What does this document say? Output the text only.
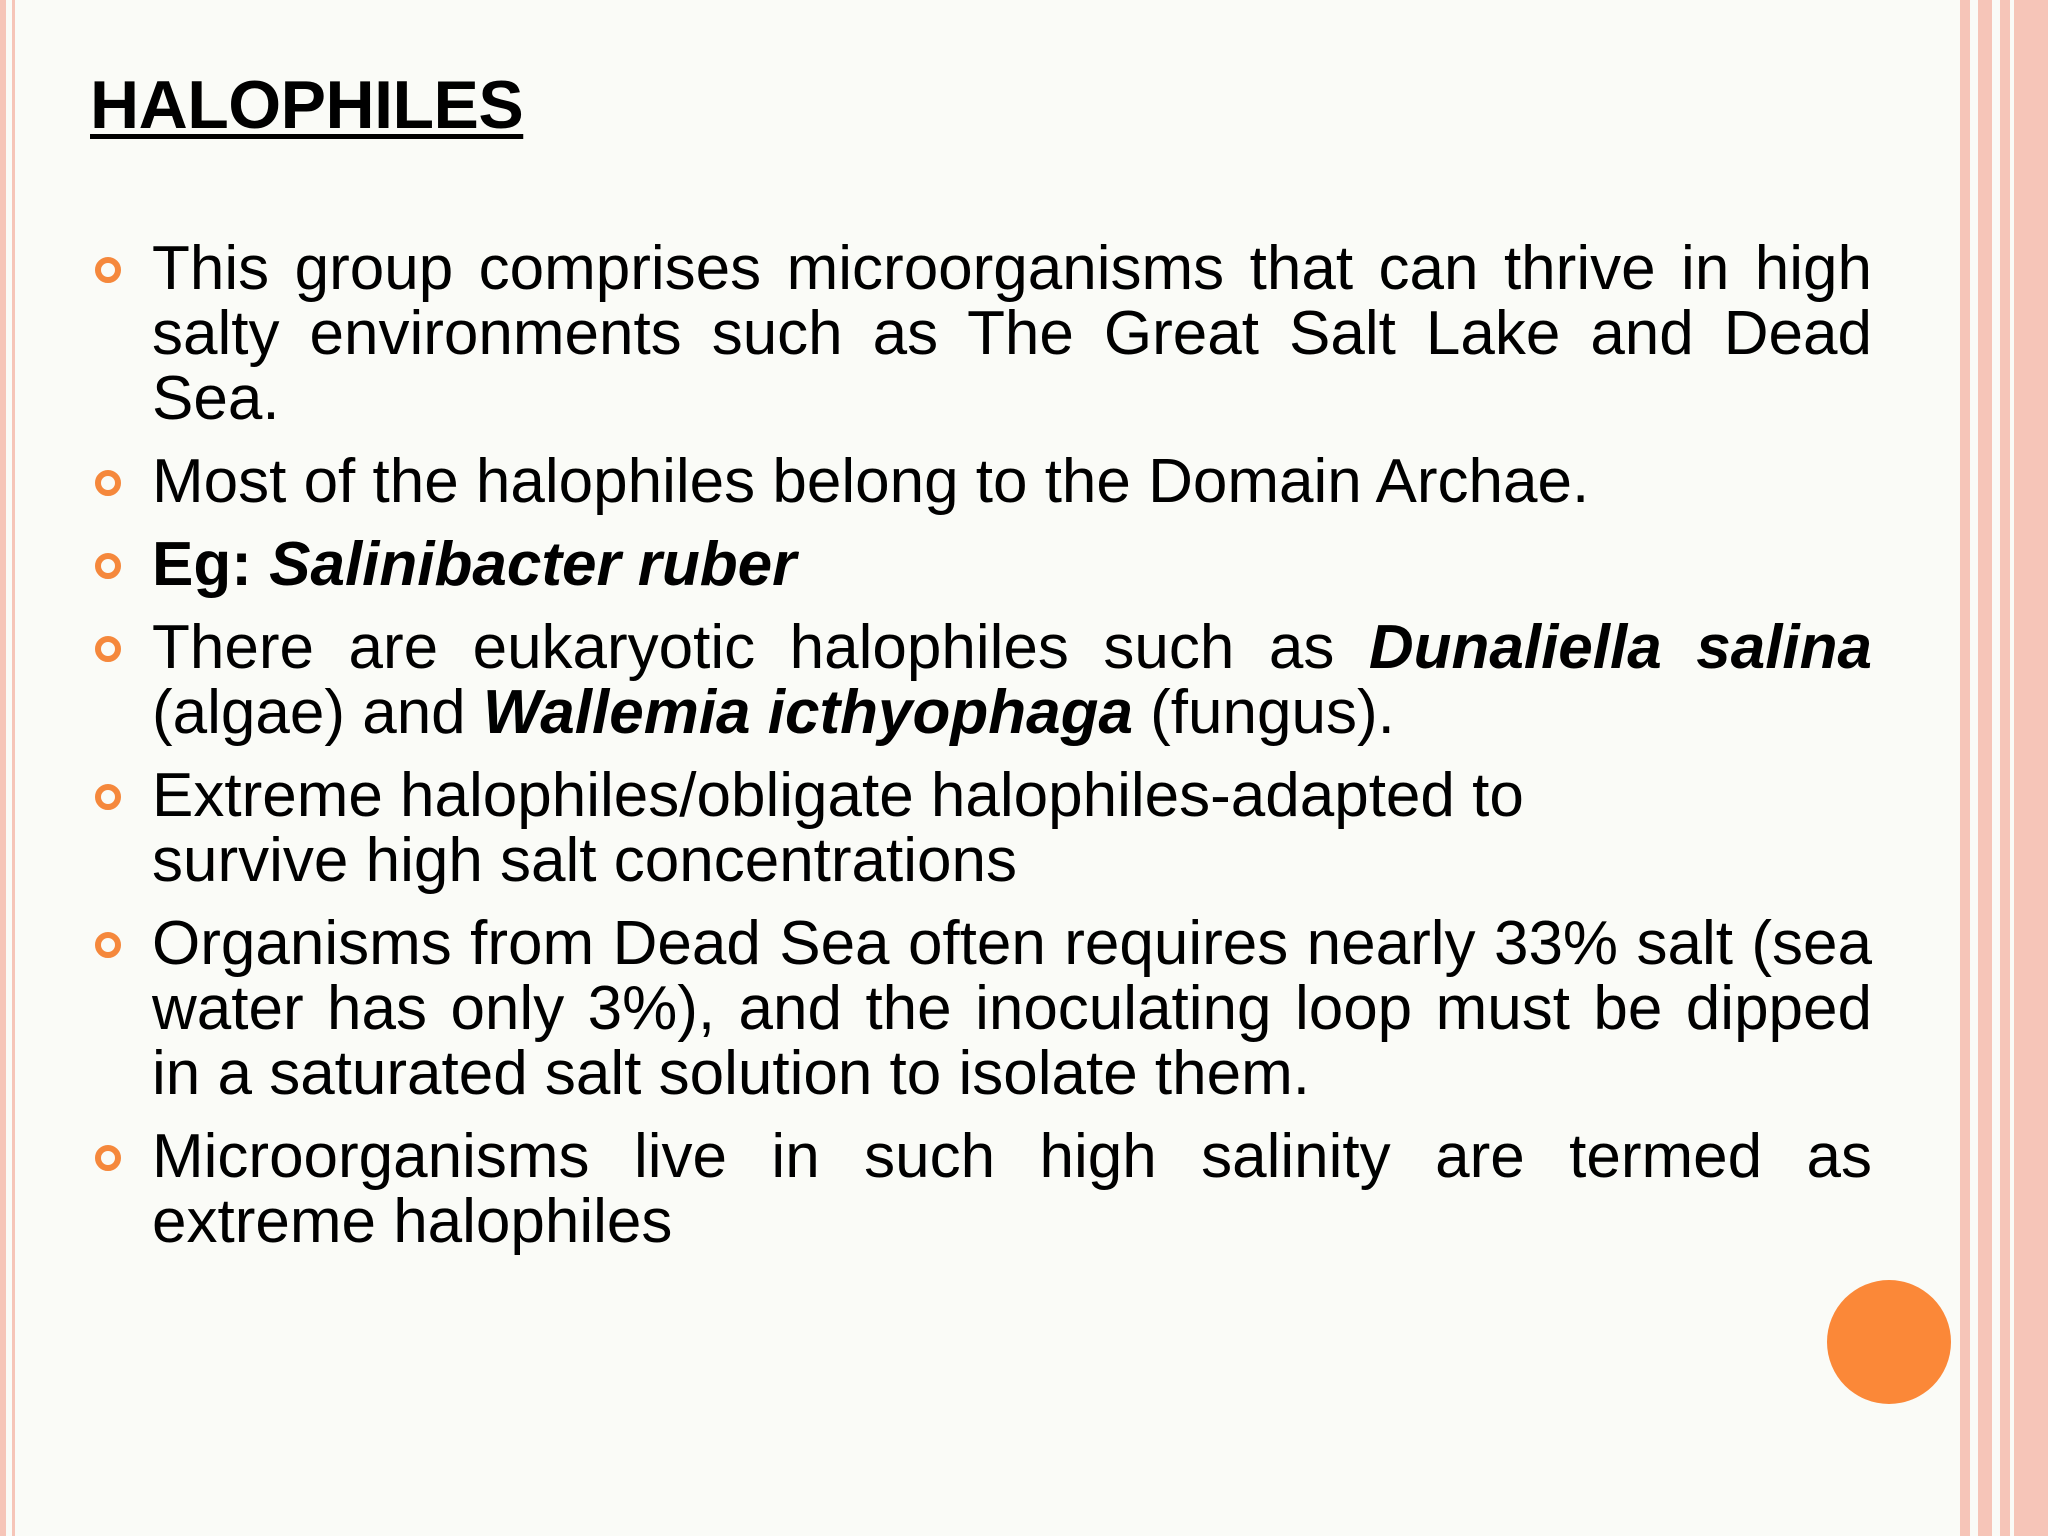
HALOPHILES
This group comprises microorganisms that can thrive in high salty environments such as The Great Salt Lake and Dead Sea.
Most of the halophiles belong to the Domain Archae.
Eg: Salinibacter ruber
There are eukaryotic halophiles such as Dunaliella salina (algae) and Wallemia icthyophaga (fungus).
Extreme halophiles/obligate halophiles-adapted to
survive high salt concentrations
Organisms from Dead Sea often requires nearly 33% salt (sea water has only 3%), and the inoculating loop must be dipped in a saturated salt solution to isolate them.
Microorganisms live in such high salinity are termed as extreme halophiles
